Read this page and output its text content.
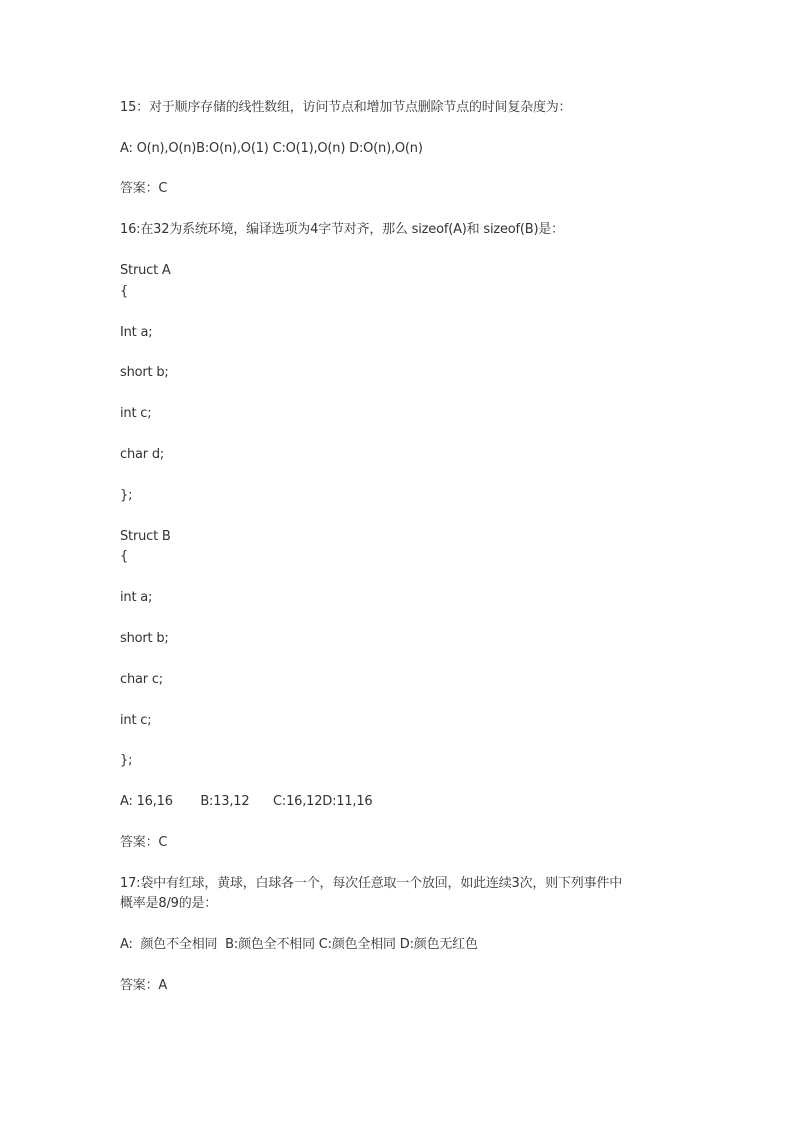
15：对于顺序存储的线性数组，访问节点和增加节点删除节点的时间复杂度为：
A: O(n),O(n)B:O(n),O(1) C:O(1),O(n) D:O(n),O(n)
答案：C
16:在32为系统环境，编译选项为4字节对齐，那么 sizeof(A)和 sizeof(B)是：
Struct A
{
Int a;
short b;
int c;
char d;
};
Struct B
{
int a;
short b;
char c;
int c;
};
A: 16,16       B:13,12      C:16,12D:11,16
答案：C
17:袋中有红球，黄球，白球各一个，每次任意取一个放回，如此连续3次，则下列事件中
概率是8/9的是：
A:  颜色不全相同  B:颜色全不相同 C:颜色全相同 D:颜色无红色
答案：A
